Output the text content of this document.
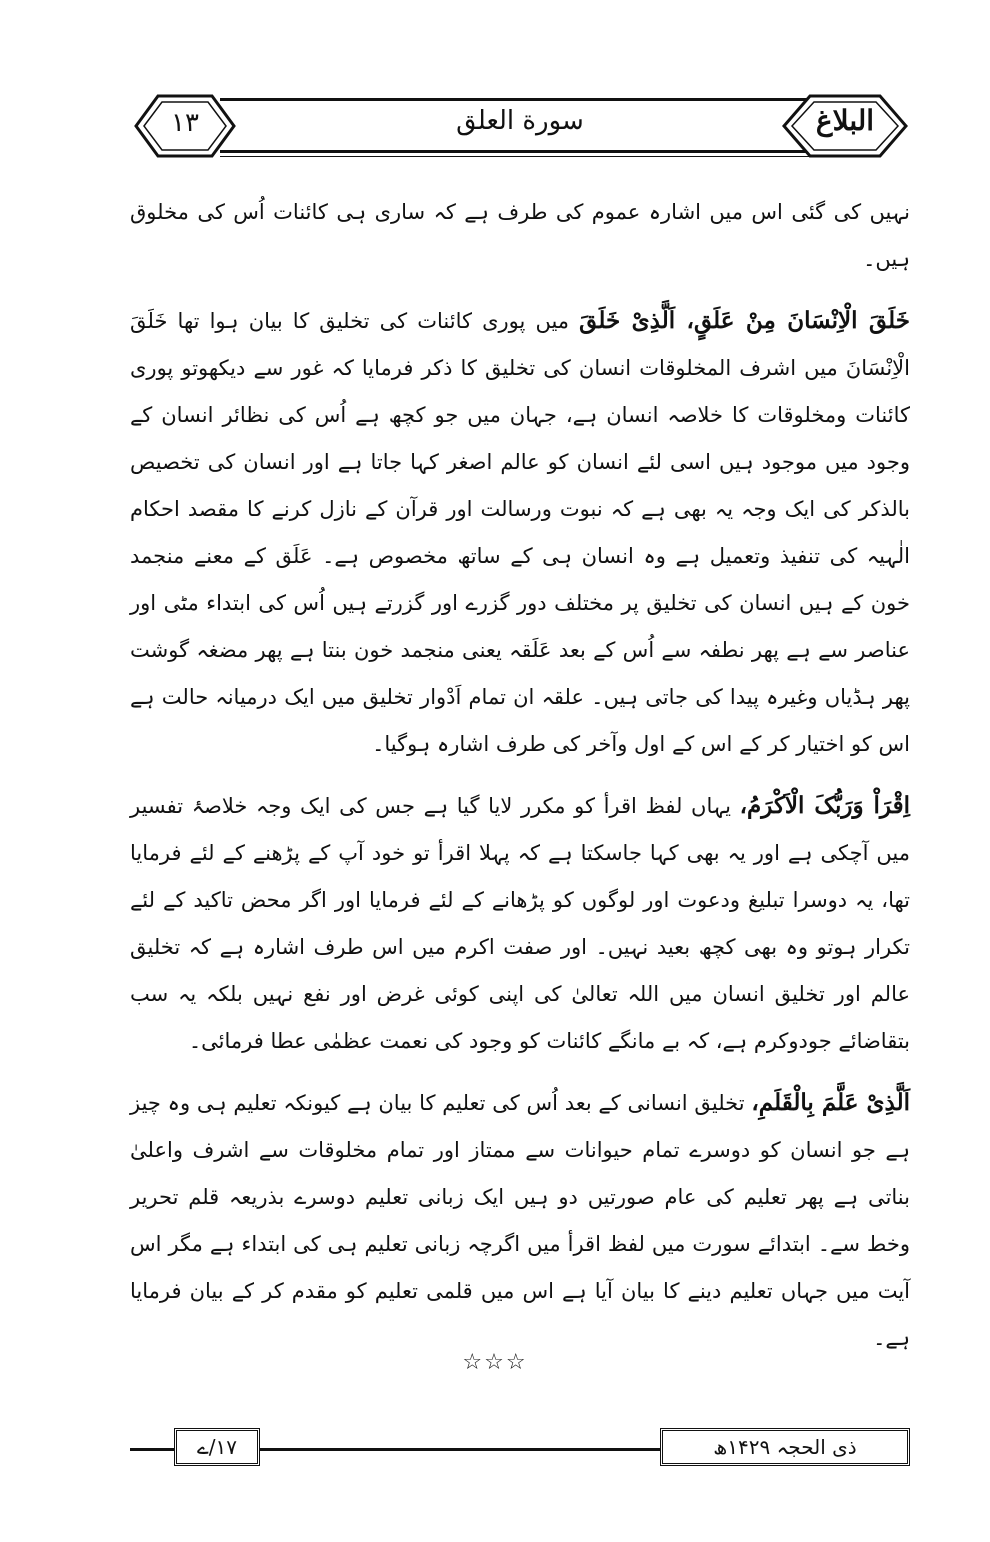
۱۳	سورة العلق	البلاغ

نہیں کی گئی اس میں اشارہ عموم کی طرف ہے کہ ساری ہی کائنات اُس کی مخلوق ہیں۔

خَلَقَ الْاِنْسَانَ مِنْ عَلَقٍ، اَلَّذِیْ خَلَقَ میں پوری کائنات کی تخلیق کا بیان ہوا تھا خَلَقَ الْاِنْسَانَ میں اشرف المخلوقات انسان کی تخلیق کا ذکر فرمایا کہ غور سے دیکھوتو پوری کائنات ومخلوقات کا خلاصہ انسان ہے، جہان میں جو کچھ ہے اُس کی نظائر انسان کے وجود میں موجود ہیں اسی لئے انسان کو عالم اصغر کہا جاتا ہے اور انسان کی تخصیص بالذکر کی ایک وجہ یہ بھی ہے کہ نبوت ورسالت اور قرآن کے نازل کرنے کا مقصد احکام الٰہیہ کی تنفیذ وتعمیل ہے وہ انسان ہی کے ساتھ مخصوص ہے۔ عَلَق کے معنے منجمد خون کے ہیں انسان کی تخلیق پر مختلف دور گزرے اور گزرتے ہیں اُس کی ابتداء مٹی اور عناصر سے ہے پھر نطفہ سے اُس کے بعد عَلَقہ یعنی منجمد خون بنتا ہے پھر مضغہ گوشت پھر ہڈیاں وغیرہ پیدا کی جاتی ہیں۔ علقہ ان تمام اَدْوار تخلیق میں ایک درمیانہ حالت ہے اس کو اختیار کر کے اس کے اول وآخر کی طرف اشارہ ہوگیا۔

اِقْرَاْ وَرَبُّکَ الْاَکْرَمُ، یہاں لفظ اقرأ کو مکرر لایا گیا ہے جس کی ایک وجہ خلاصۂ تفسیر میں آچکی ہے اور یہ بھی کہا جاسکتا ہے کہ پہلا اقرأ تو خود آپ کے پڑھنے کے لئے فرمایا تھا، یہ دوسرا تبلیغ ودعوت اور لوگوں کو پڑھانے کے لئے فرمایا اور اگر محض تاکید کے لئے تکرار ہوتو وہ بھی کچھ بعید نہیں۔ اور صفت اکرم میں اس طرف اشارہ ہے کہ تخلیق عالم اور تخلیق انسان میں اللہ تعالیٰ کی اپنی کوئی غرض اور نفع نہیں بلکہ یہ سب بتقاضائے جودوکرم ہے، کہ بے مانگے کائنات کو وجود کی نعمت عظمٰی عطا فرمائی۔

اَلَّذِیْ عَلَّمَ بِالْقَلَمِ، تخلیق انسانی کے بعد اُس کی تعلیم کا بیان ہے کیونکہ تعلیم ہی وہ چیز ہے جو انسان کو دوسرے تمام حیوانات سے ممتاز اور تمام مخلوقات سے اشرف واعلیٰ بناتی ہے پھر تعلیم کی عام صورتیں دو ہیں ایک زبانی تعلیم دوسرے بذریعہ قلم تحریر وخط سے۔ ابتدائے سورت میں لفظ اقرأ میں اگرچہ زبانی تعلیم ہی کی ابتداء ہے مگر اس آیت میں جہاں تعلیم دینے کا بیان آیا ہے اس میں قلمی تعلیم کو مقدم کر کے بیان فرمایا ہے۔

☆☆☆
۱۷/ے	ذی الحجہ ۱۴۲۹ھ
